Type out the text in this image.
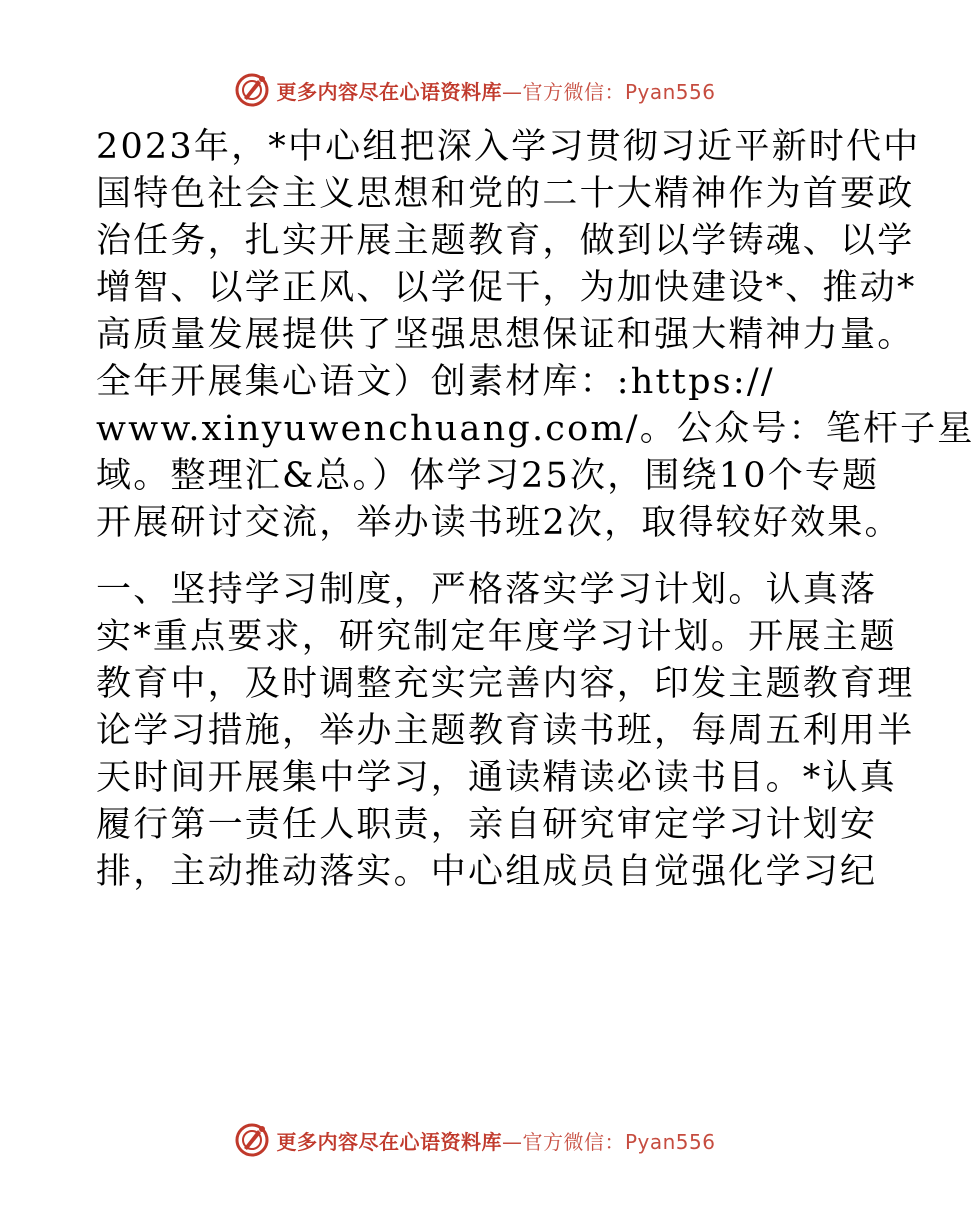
更多内容尽在心语资料库—官方微信：Pyan556
2023年，*中心组把深入学习贯彻习近平新时代中
国特色社会主义思想和党的二十大精神作为首要政
治任务，扎实开展主题教育，做到以学铸魂、以学
增智、以学正风、以学促干，为加快建设*、推动*
高质量发展提供了坚强思想保证和强大精神力量。
全年开展集心语文）创素材库：:https://
www.xinyuwenchuang.com/。公众号：笔杆子星
域。整理汇&总。）体学习25次，围绕10个专题
开展研讨交流，举办读书班2次，取得较好效果。
一、坚持学习制度，严格落实学习计划。认真落
实*重点要求，研究制定年度学习计划。开展主题
教育中，及时调整充实完善内容，印发主题教育理
论学习措施，举办主题教育读书班，每周五利用半
天时间开展集中学习，通读精读必读书目。*认真
履行第一责任人职责，亲自研究审定学习计划安
排，主动推动落实。中心组成员自觉强化学习纪
更多内容尽在心语资料库—官方微信：Pyan556
